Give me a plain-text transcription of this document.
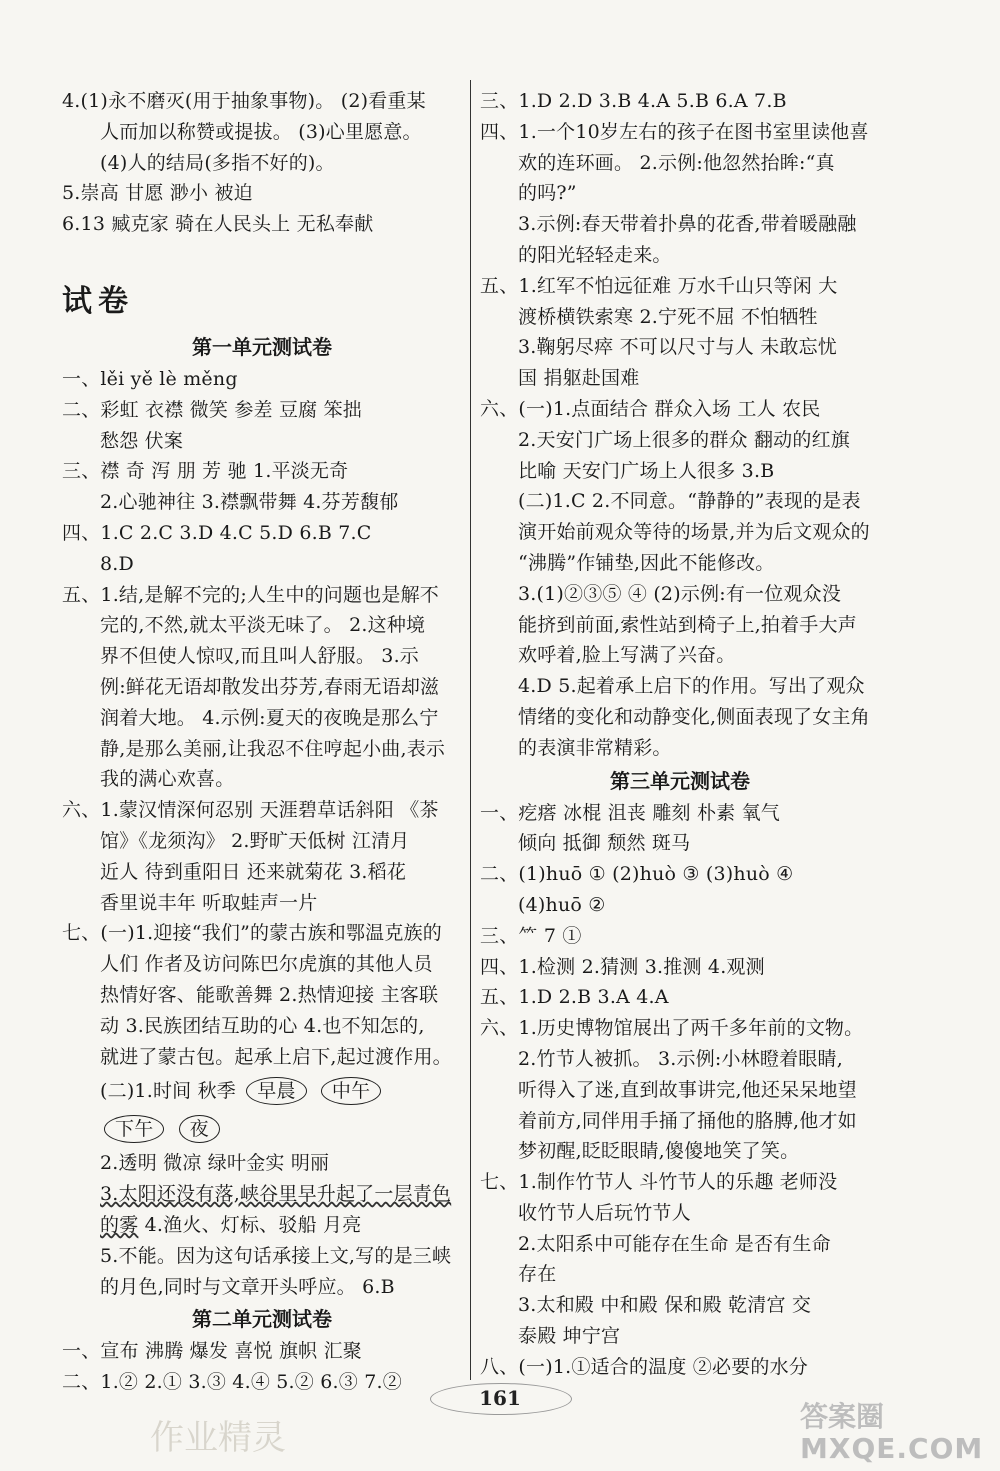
4.(1)永不磨灭(用于抽象事物)。 (2)看重某
人而加以称赞或提拔。 (3)心里愿意。
(4)人的结局(多指不好的)。
5.崇高 甘愿 渺小 被迫
6.13 臧克家 骑在人民头上 无私奉献
试卷
第一单元测试卷
一、lěi yě lè měng
二、彩虹 衣襟 微笑 参差 豆腐 笨拙
愁怨 伏案
三、襟 奇 泻 朋 芳 驰 1.平淡无奇
2.心驰神往 3.襟飘带舞 4.芬芳馥郁
四、1.C 2.C 3.D 4.C 5.D 6.B 7.C
8.D
五、1.结,是解不完的;人生中的问题也是解不
完的,不然,就太平淡无味了。 2.这种境
界不但使人惊叹,而且叫人舒服。 3.示
例:鲜花无语却散发出芬芳,春雨无语却滋
润着大地。 4.示例:夏天的夜晚是那么宁
静,是那么美丽,让我忍不住哼起小曲,表示
我的满心欢喜。
六、1.蒙汉情深何忍别 天涯碧草话斜阳 《茶
馆》《龙须沟》 2.野旷天低树 江清月
近人 待到重阳日 还来就菊花 3.稻花
香里说丰年 听取蛙声一片
七、(一)1.迎接“我们”的蒙古族和鄂温克族的
人们 作者及访问陈巴尔虎旗的其他人员
热情好客、能歌善舞 2.热情迎接 主客联
动 3.民族团结互助的心 4.也不知怎的,
就进了蒙古包。起承上启下,起过渡作用。
(二)1.时间 秋季 早晨 中午
下午 夜
2.透明 微凉 绿叶金实 明丽
3.太阳还没有落,峡谷里早升起了一层青色
的雾 4.渔火、灯标、驳船 月亮
5.不能。因为这句话承接上文,写的是三峡
的月色,同时与文章开头呼应。 6.B
第二单元测试卷
一、宣布 沸腾 爆发 喜悦 旗帜 汇聚
二、1.② 2.① 3.③ 4.④ 5.② 6.③ 7.②
三、1.D 2.D 3.B 4.A 5.B 6.A 7.B
四、1.一个10岁左右的孩子在图书室里读他喜
欢的连环画。 2.示例:他忽然抬眸:“真
的吗?”
3.示例:春天带着扑鼻的花香,带着暖融融
的阳光轻轻走来。
五、1.红军不怕远征难 万水千山只等闲 大
渡桥横铁索寒 2.宁死不屈 不怕牺牲
3.鞠躬尽瘁 不可以尺寸与人 未敢忘忧
国 捐躯赴国难
六、(一)1.点面结合 群众入场 工人 农民
2.天安门广场上很多的群众 翻动的红旗
比喻 天安门广场上人很多 3.B
(二)1.C 2.不同意。“静静的”表现的是表
演开始前观众等待的场景,并为后文观众的
“沸腾”作铺垫,因此不能修改。
3.(1)②③⑤ ④ (2)示例:有一位观众没
能挤到前面,索性站到椅子上,拍着手大声
欢呼着,脸上写满了兴奋。
4.D 5.起着承上启下的作用。写出了观众
情绪的变化和动静变化,侧面表现了女主角
的表演非常精彩。
第三单元测试卷
一、疙瘩 冰棍 沮丧 雕刻 朴素 氧气
倾向 抵御 颓然 斑马
二、(1)huō ① (2)huò ③ (3)huò ④
(4)huō ②
三、⺮ 7 ①
四、1.检测 2.猜测 3.推测 4.观测
五、1.D 2.B 3.A 4.A
六、1.历史博物馆展出了两千多年前的文物。
2.竹节人被抓。 3.示例:小林瞪着眼睛,
听得入了迷,直到故事讲完,他还呆呆地望
着前方,同伴用手捅了捅他的胳膊,他才如
梦初醒,眨眨眼睛,傻傻地笑了笑。
七、1.制作竹节人 斗竹节人的乐趣 老师没
收竹节人后玩竹节人
2.太阳系中可能存在生命 是否有生命
存在
3.太和殿 中和殿 保和殿 乾清宫 交
泰殿 坤宁宫
八、(一)1.①适合的温度 ②必要的水分
161
作业精灵
答案圈
MXQE.COM
